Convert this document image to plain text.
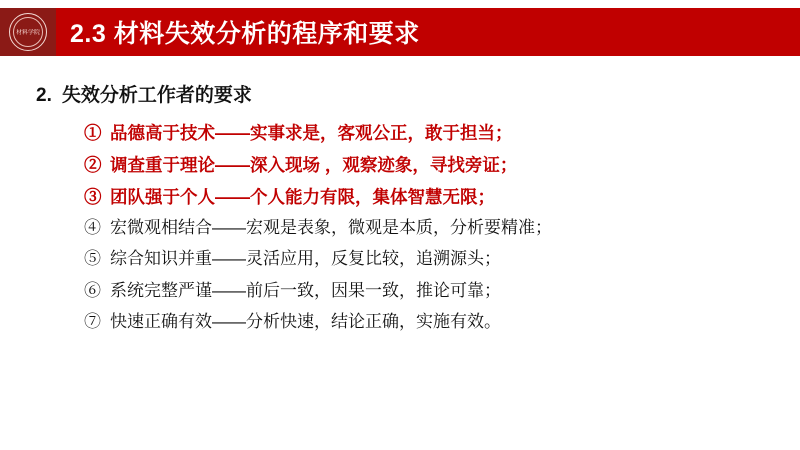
材料学院 2.3 材料失效分析的程序和要求
2. 失效分析工作者的要求
① 品德高于技术——实事求是，客观公正，敢于担当；
② 调查重于理论——深入现场 ，观察迹象，寻找旁证；
③ 团队强于个人——个人能力有限，集体智慧无限；
④ 宏微观相结合——宏观是表象，微观是本质，分析要精准；
⑤ 综合知识并重——灵活应用，反复比较，追溯源头；
⑥ 系统完整严谨——前后一致，因果一致，推论可靠；
⑦ 快速正确有效——分析快速，结论正确，实施有效。
